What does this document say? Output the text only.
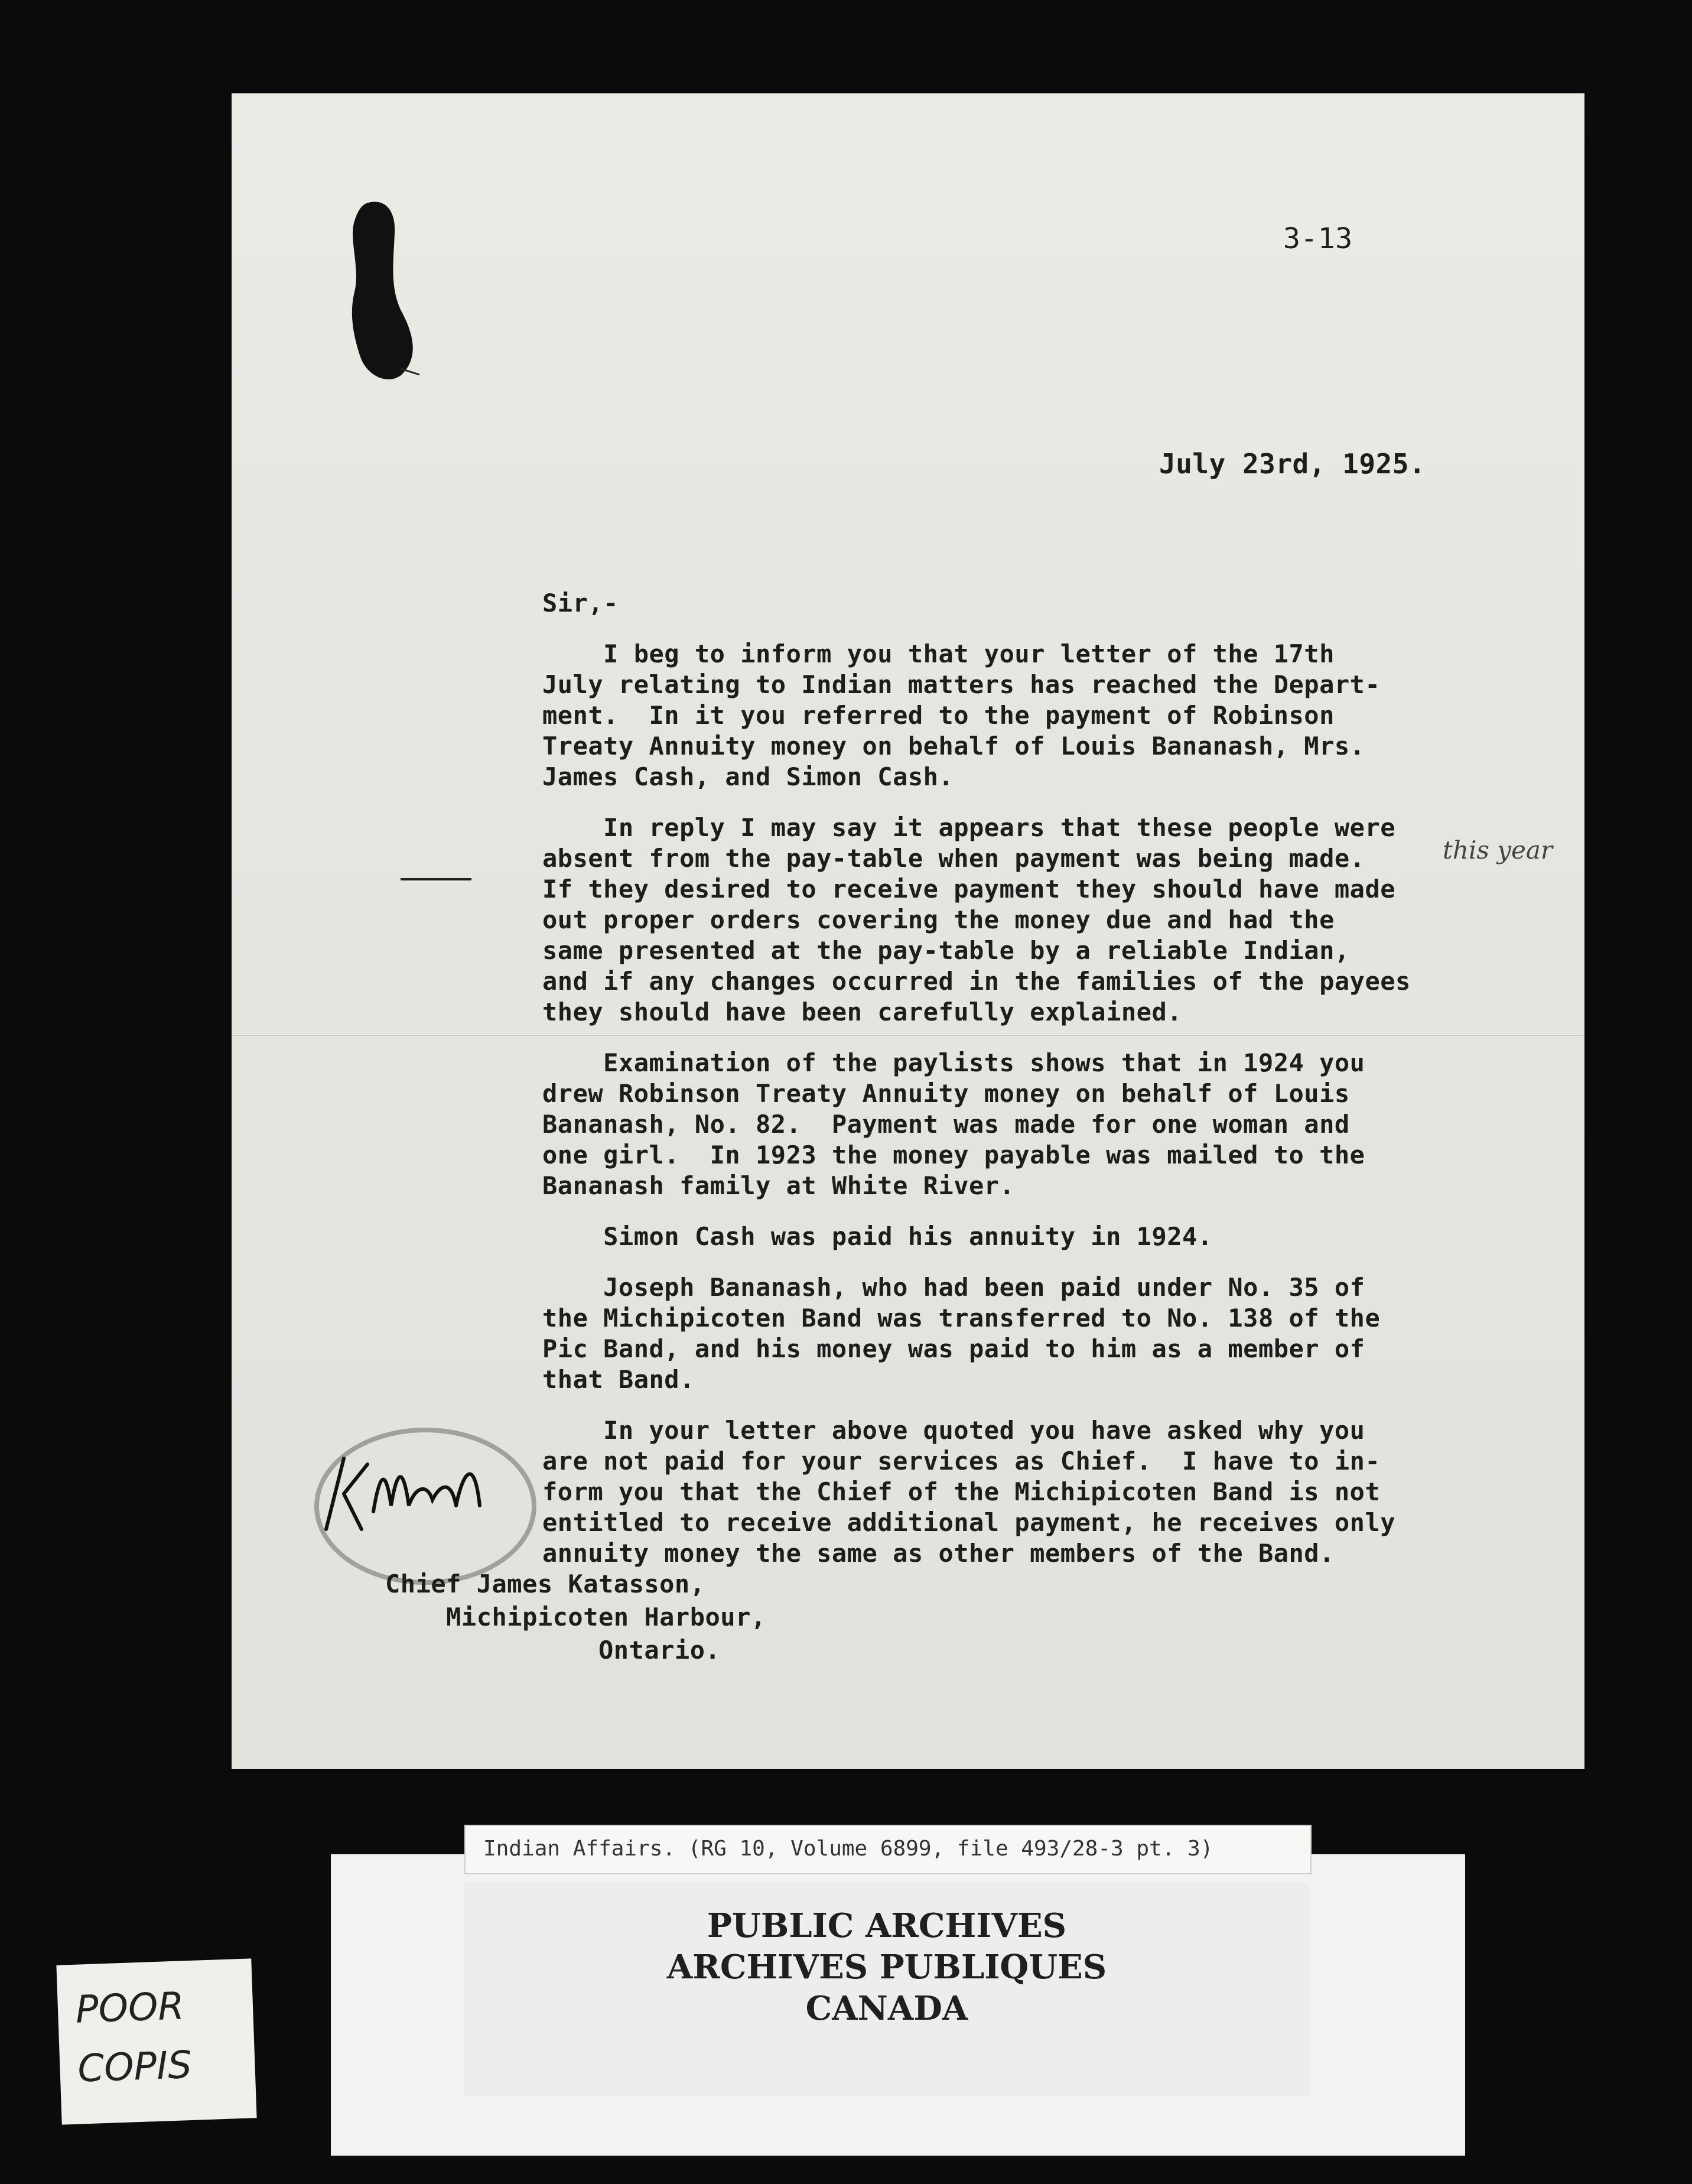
3-13
July 23rd, 1925.
Sir,-
I beg to inform you that your letter of the 17th
July relating to Indian matters has reached the Depart-
ment.  In it you referred to the payment of Robinson
Treaty Annuity money on behalf of Louis Bananash, Mrs.
James Cash, and Simon Cash.
In reply I may say it appears that these people were
absent from the pay-table when payment was being made.
If they desired to receive payment they should have made
out proper orders covering the money due and had the
same presented at the pay-table by a reliable Indian,
and if any changes occurred in the families of the payees
they should have been carefully explained.
Examination of the paylists shows that in 1924 you
drew Robinson Treaty Annuity money on behalf of Louis
Bananash, No. 82.  Payment was made for one woman and
one girl.  In 1923 the money payable was mailed to the
Bananash family at White River.
Simon Cash was paid his annuity in 1924.
Joseph Bananash, who had been paid under No. 35 of
the Michipicoten Band was transferred to No. 138 of the
Pic Band, and his money was paid to him as a member of
that Band.
In your letter above quoted you have asked why you
are not paid for your services as Chief.  I have to in-
form you that the Chief of the Michipicoten Band is not
entitled to receive additional payment, he receives only
annuity money the same as other members of the Band.
this year
Chief James Katasson,
Michipicoten Harbour,
Ontario.
Indian Affairs. (RG 10, Volume 6899, file 493/28-3 pt. 3)
PUBLIC ARCHIVES
ARCHIVES PUBLIQUES
CANADA
POOR
COPIS
